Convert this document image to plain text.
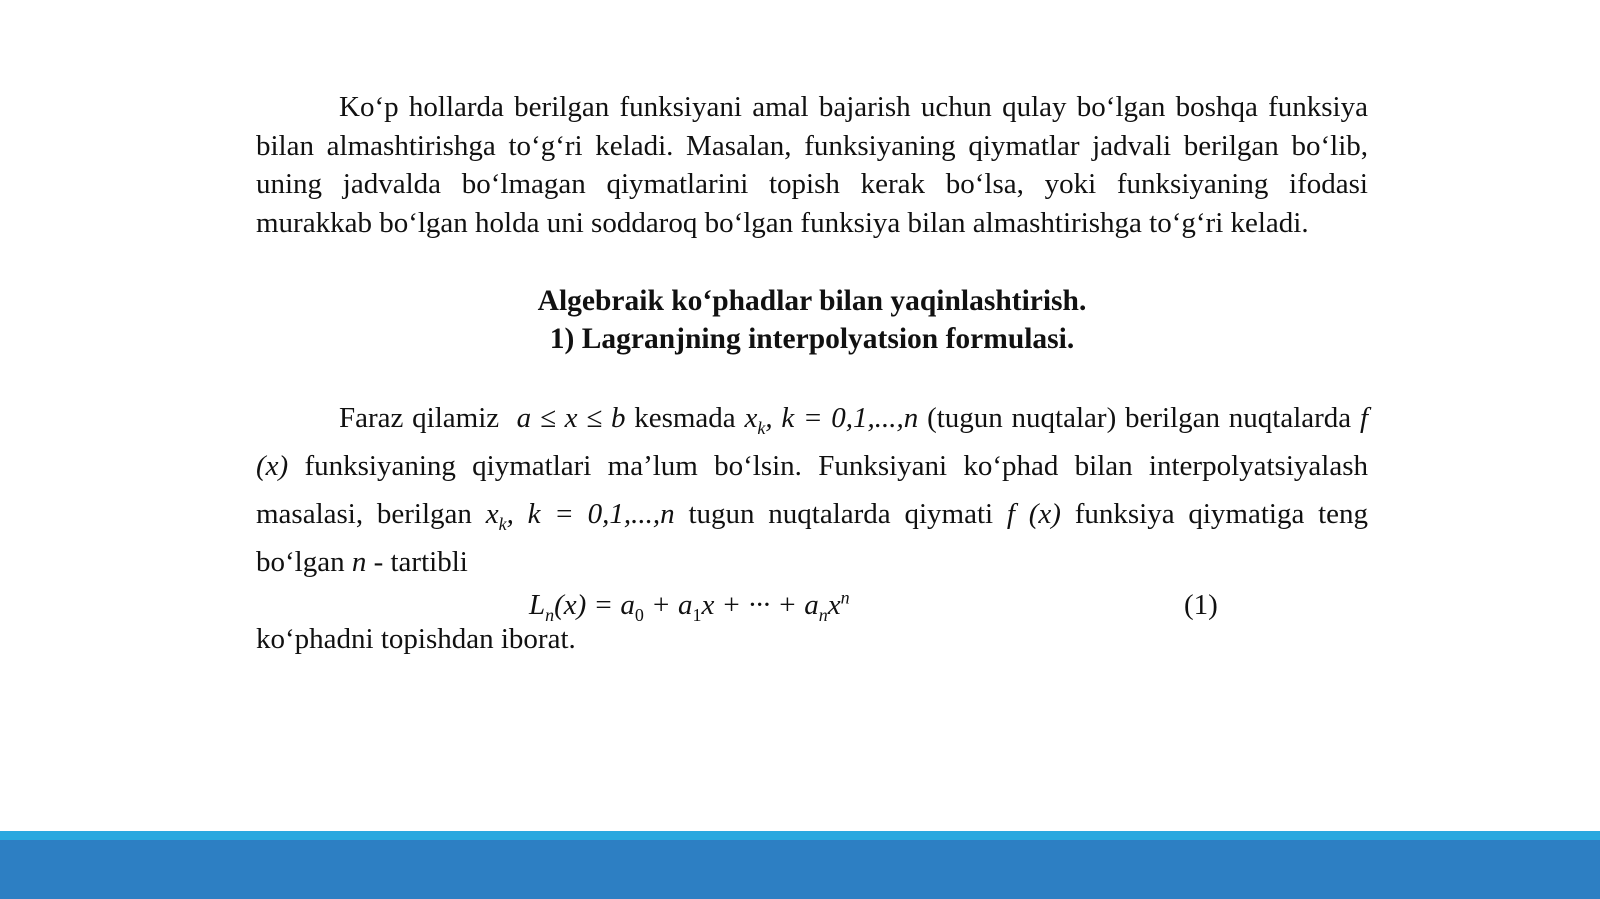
Ko‘p hollarda berilgan funksiyani amal bajarish uchun qulay bo‘lgan boshqa funksiya bilan almashtirishga to‘g‘ri keladi. Masalan, funksiyaning qiymatlar jadvali berilgan bo‘lib, uning jadvalda bo‘lmagan qiymatlarini topish kerak bo‘lsa, yoki funksiyaning ifodasi murakkab bo‘lgan holda uni soddaroq bo‘lgan funksiya bilan almashtirishga to‘g‘ri keladi.

Algebraik ko‘phadlar bilan yaqinlashtirish.

1) Lagranjning interpolyatsion formulasi.

Faraz qilamiz a ≤ x ≤ b kesmada $x_k$, k = 0,1,...,n (tugun nuqtalar) berilgan nuqtalarda f (x) funksiyaning qiymatlari ma’lum bo‘lsin. Funksiyani ko‘phad bilan interpolyatsiyalash masalasi, berilgan $x_k$, k = 0,1,...,n tugun nuqtalarda qiymati f (x) funksiya qiymatiga teng bo‘lgan n - tartibli

$L_n(x) = a_0 + a_1x$ + ··· + $a_nx^n$	(1)

ko‘phadni topishdan iborat.
